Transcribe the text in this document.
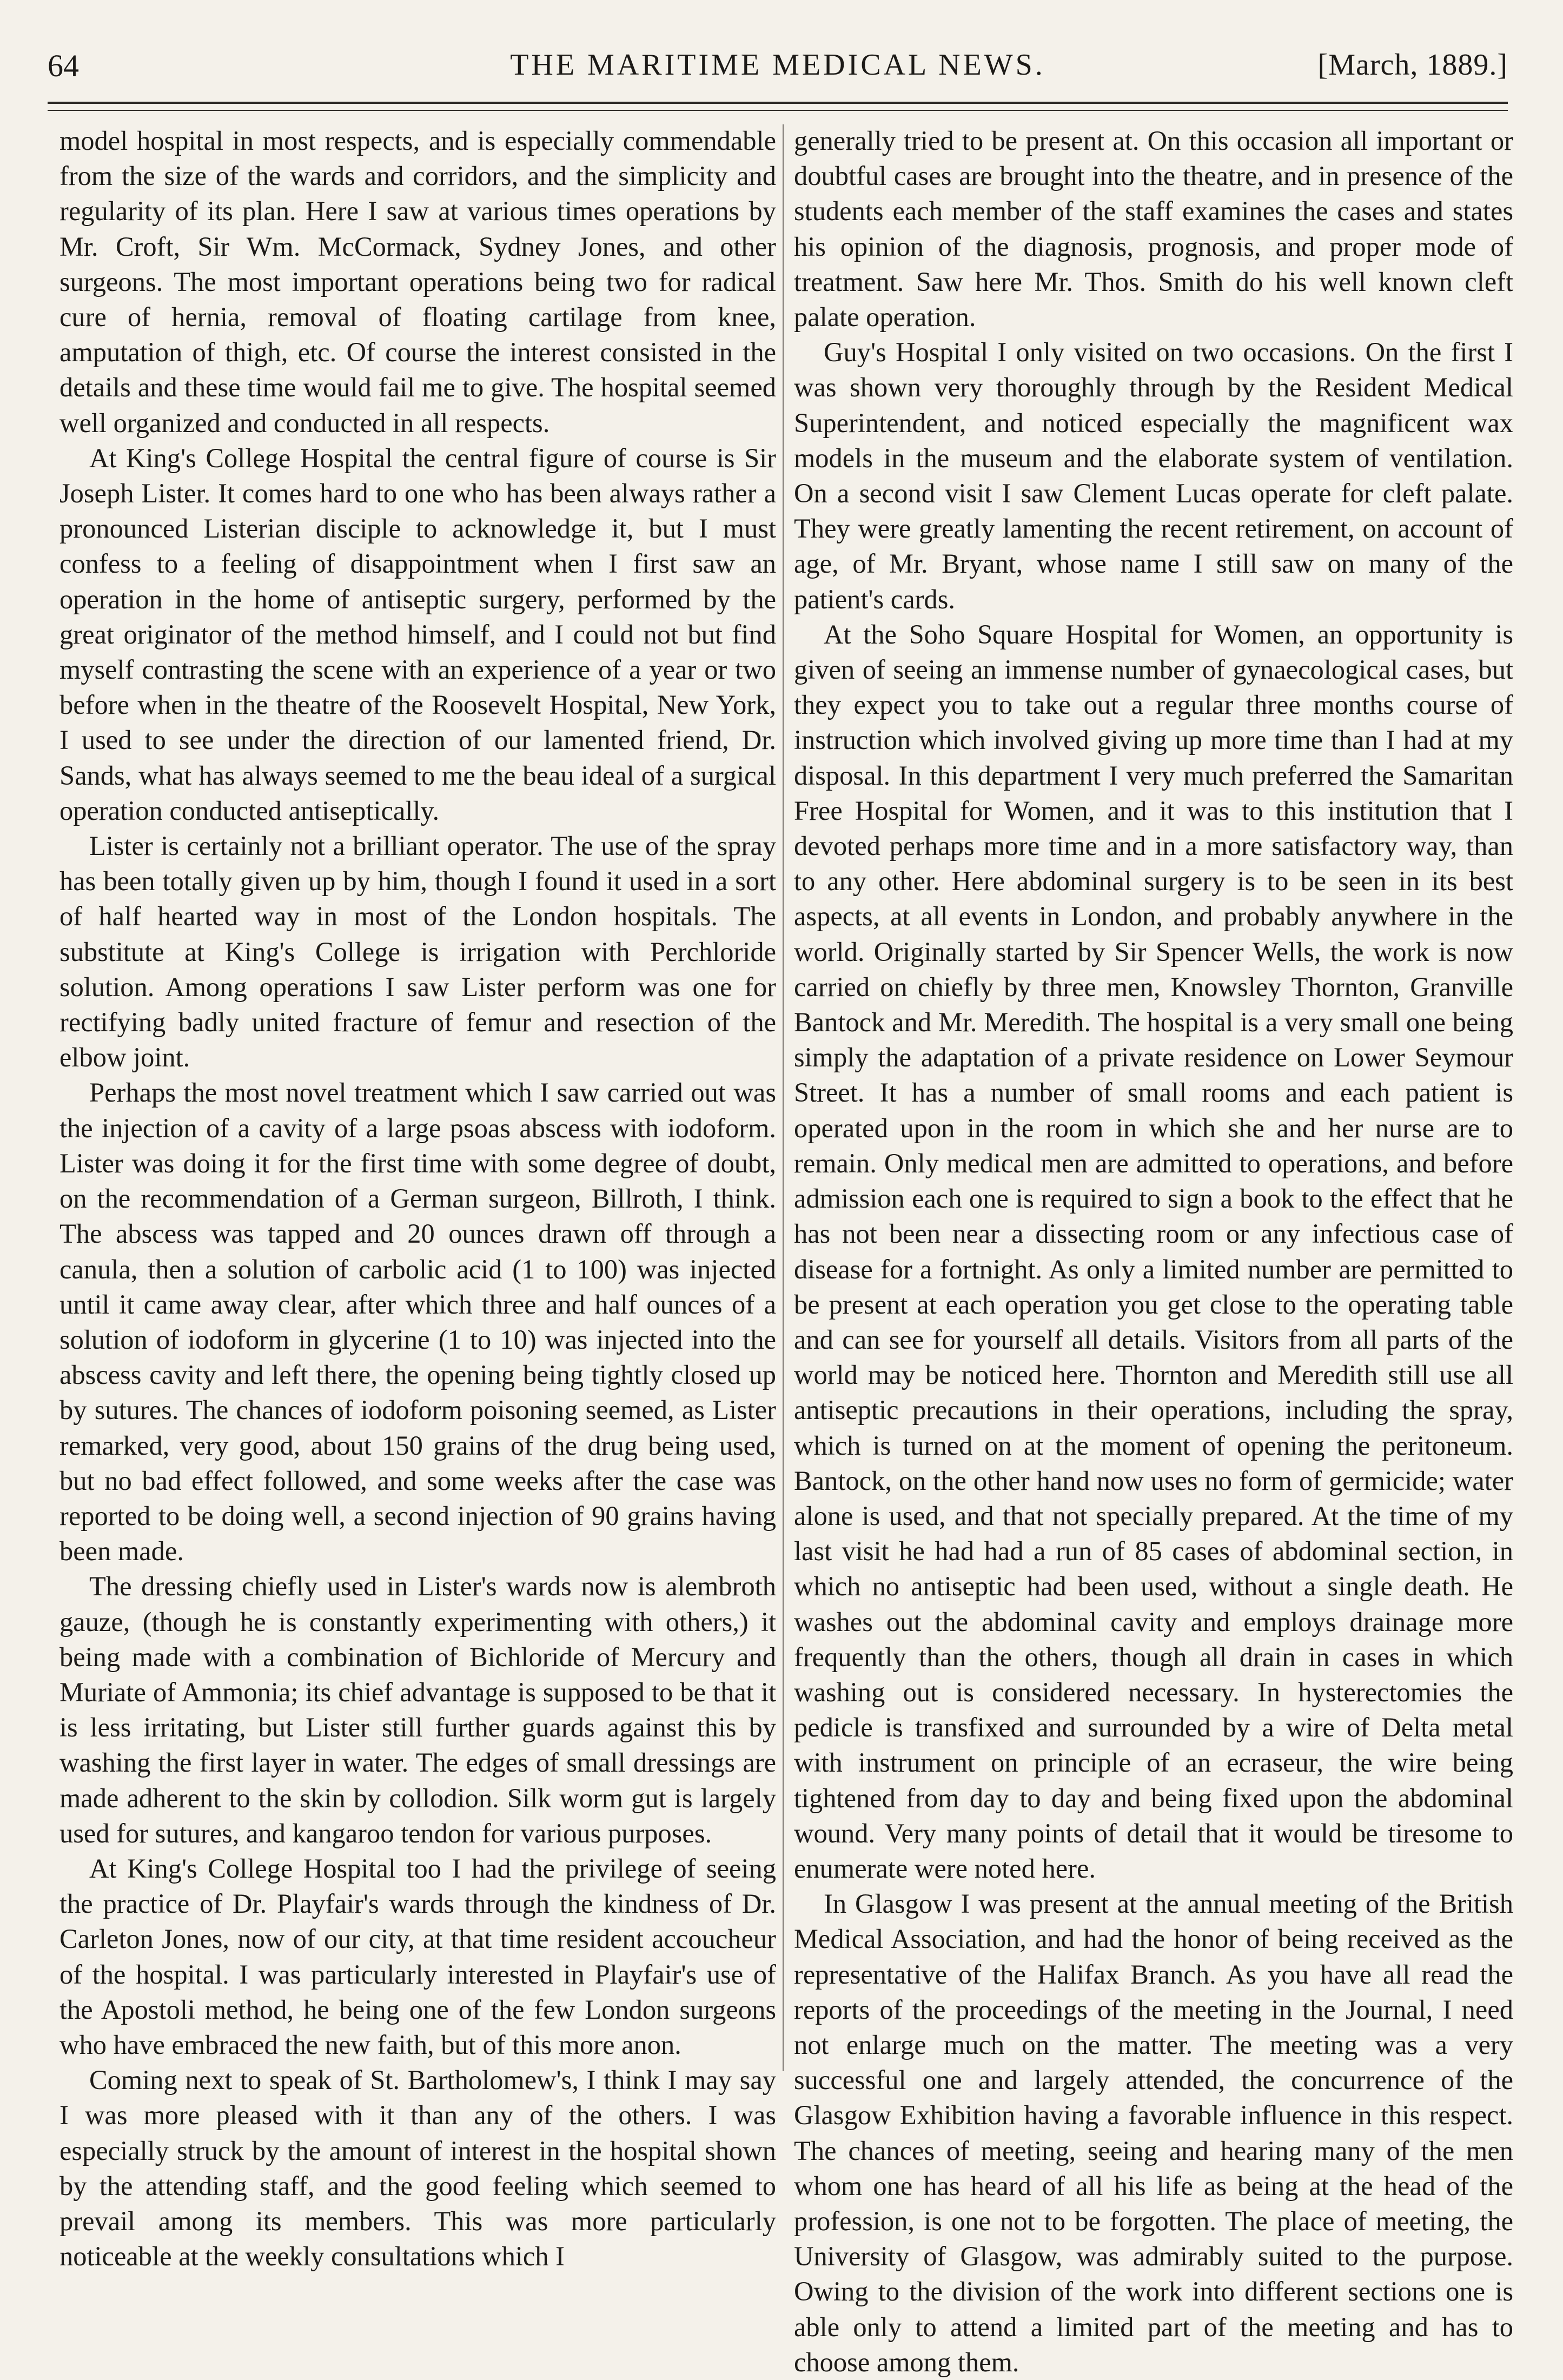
64	THE MARITIME MEDICAL NEWS.	[March, 1889.]

model hospital in most respects, and is especially commendable from the size of the wards and corridors, and the simplicity and regularity of its plan. Here I saw at various times operations by Mr. Croft, Sir Wm. McCormack, Sydney Jones, and other surgeons. The most important operations being two for radical cure of hernia, removal of floating cartilage from knee, amputation of thigh, etc. Of course the interest consisted in the details and these time would fail me to give. The hospital seemed well organized and conducted in all respects.

At King's College Hospital the central figure of course is Sir Joseph Lister. It comes hard to one who has been always rather a pronounced Listerian disciple to acknowledge it, but I must confess to a feeling of disappointment when I first saw an operation in the home of antiseptic surgery, performed by the great originator of the method himself, and I could not but find myself contrasting the scene with an experience of a year or two before when in the theatre of the Roosevelt Hospital, New York, I used to see under the direction of our lamented friend, Dr. Sands, what has always seemed to me the beau ideal of a surgical operation conducted antiseptically.

Lister is certainly not a brilliant operator. The use of the spray has been totally given up by him, though I found it used in a sort of half hearted way in most of the London hospitals. The substitute at King's College is irrigation with Perchloride solution. Among operations I saw Lister perform was one for rectifying badly united fracture of femur and resection of the elbow joint.

Perhaps the most novel treatment which I saw carried out was the injection of a cavity of a large psoas abscess with iodoform. Lister was doing it for the first time with some degree of doubt, on the recommendation of a German surgeon, Billroth, I think. The abscess was tapped and 20 ounces drawn off through a canula, then a solution of carbolic acid (1 to 100) was injected until it came away clear, after which three and half ounces of a solution of iodoform in glycerine (1 to 10) was injected into the abscess cavity and left there, the opening being tightly closed up by sutures. The chances of iodoform poisoning seemed, as Lister remarked, very good, about 150 grains of the drug being used, but no bad effect followed, and some weeks after the case was reported to be doing well, a second injection of 90 grains having been made.

The dressing chiefly used in Lister's wards now is alembroth gauze, (though he is constantly experimenting with others,) it being made with a combination of Bichloride of Mercury and Muriate of Ammonia; its chief advantage is supposed to be that it is less irritating, but Lister still further guards against this by washing the first layer in water. The edges of small dressings are made adherent to the skin by collodion. Silk worm gut is largely used for sutures, and kangaroo tendon for various purposes.

At King's College Hospital too I had the privilege of seeing the practice of Dr. Playfair's wards through the kindness of Dr. Carleton Jones, now of our city, at that time resident accoucheur of the hospital. I was particularly interested in Playfair's use of the Apostoli method, he being one of the few London surgeons who have embraced the new faith, but of this more anon.

Coming next to speak of St. Bartholomew's, I think I may say I was more pleased with it than any of the others. I was especially struck by the amount of interest in the hospital shown by the attending staff, and the good feeling which seemed to prevail among its members. This was more particularly noticeable at the weekly consultations which I

generally tried to be present at. On this occasion all important or doubtful cases are brought into the theatre, and in presence of the students each member of the staff examines the cases and states his opinion of the diagnosis, prognosis, and proper mode of treatment. Saw here Mr. Thos. Smith do his well known cleft palate operation.

Guy's Hospital I only visited on two occasions. On the first I was shown very thoroughly through by the Resident Medical Superintendent, and noticed especially the magnificent wax models in the museum and the elaborate system of ventilation. On a second visit I saw Clement Lucas operate for cleft palate. They were greatly lamenting the recent retirement, on account of age, of Mr. Bryant, whose name I still saw on many of the patient's cards.

At the Soho Square Hospital for Women, an opportunity is given of seeing an immense number of gynaecological cases, but they expect you to take out a regular three months course of instruction which involved giving up more time than I had at my disposal. In this department I very much preferred the Samaritan Free Hospital for Women, and it was to this institution that I devoted perhaps more time and in a more satisfactory way, than to any other. Here abdominal surgery is to be seen in its best aspects, at all events in London, and probably anywhere in the world. Originally started by Sir Spencer Wells, the work is now carried on chiefly by three men, Knowsley Thornton, Granville Bantock and Mr. Meredith. The hospital is a very small one being simply the adaptation of a private residence on Lower Seymour Street. It has a number of small rooms and each patient is operated upon in the room in which she and her nurse are to remain. Only medical men are admitted to operations, and before admission each one is required to sign a book to the effect that he has not been near a dissecting room or any infectious case of disease for a fortnight. As only a limited number are permitted to be present at each operation you get close to the operating table and can see for yourself all details. Visitors from all parts of the world may be noticed here. Thornton and Meredith still use all antiseptic precautions in their operations, including the spray, which is turned on at the moment of opening the peritoneum. Bantock, on the other hand now uses no form of germicide; water alone is used, and that not specially prepared. At the time of my last visit he had had a run of 85 cases of abdominal section, in which no antiseptic had been used, without a single death. He washes out the abdominal cavity and employs drainage more frequently than the others, though all drain in cases in which washing out is considered necessary. In hysterectomies the pedicle is transfixed and surrounded by a wire of Delta metal with instrument on principle of an ecraseur, the wire being tightened from day to day and being fixed upon the abdominal wound. Very many points of detail that it would be tiresome to enumerate were noted here.

In Glasgow I was present at the annual meeting of the British Medical Association, and had the honor of being received as the representative of the Halifax Branch. As you have all read the reports of the proceedings of the meeting in the Journal, I need not enlarge much on the matter. The meeting was a very successful one and largely attended, the concurrence of the Glasgow Exhibition having a favorable influence in this respect. The chances of meeting, seeing and hearing many of the men whom one has heard of all his life as being at the head of the profession, is one not to be forgotten. The place of meeting, the University of Glasgow, was admirably suited to the purpose. Owing to the division of the work into different sections one is able only to attend a limited part of the meeting and has to choose among them.
